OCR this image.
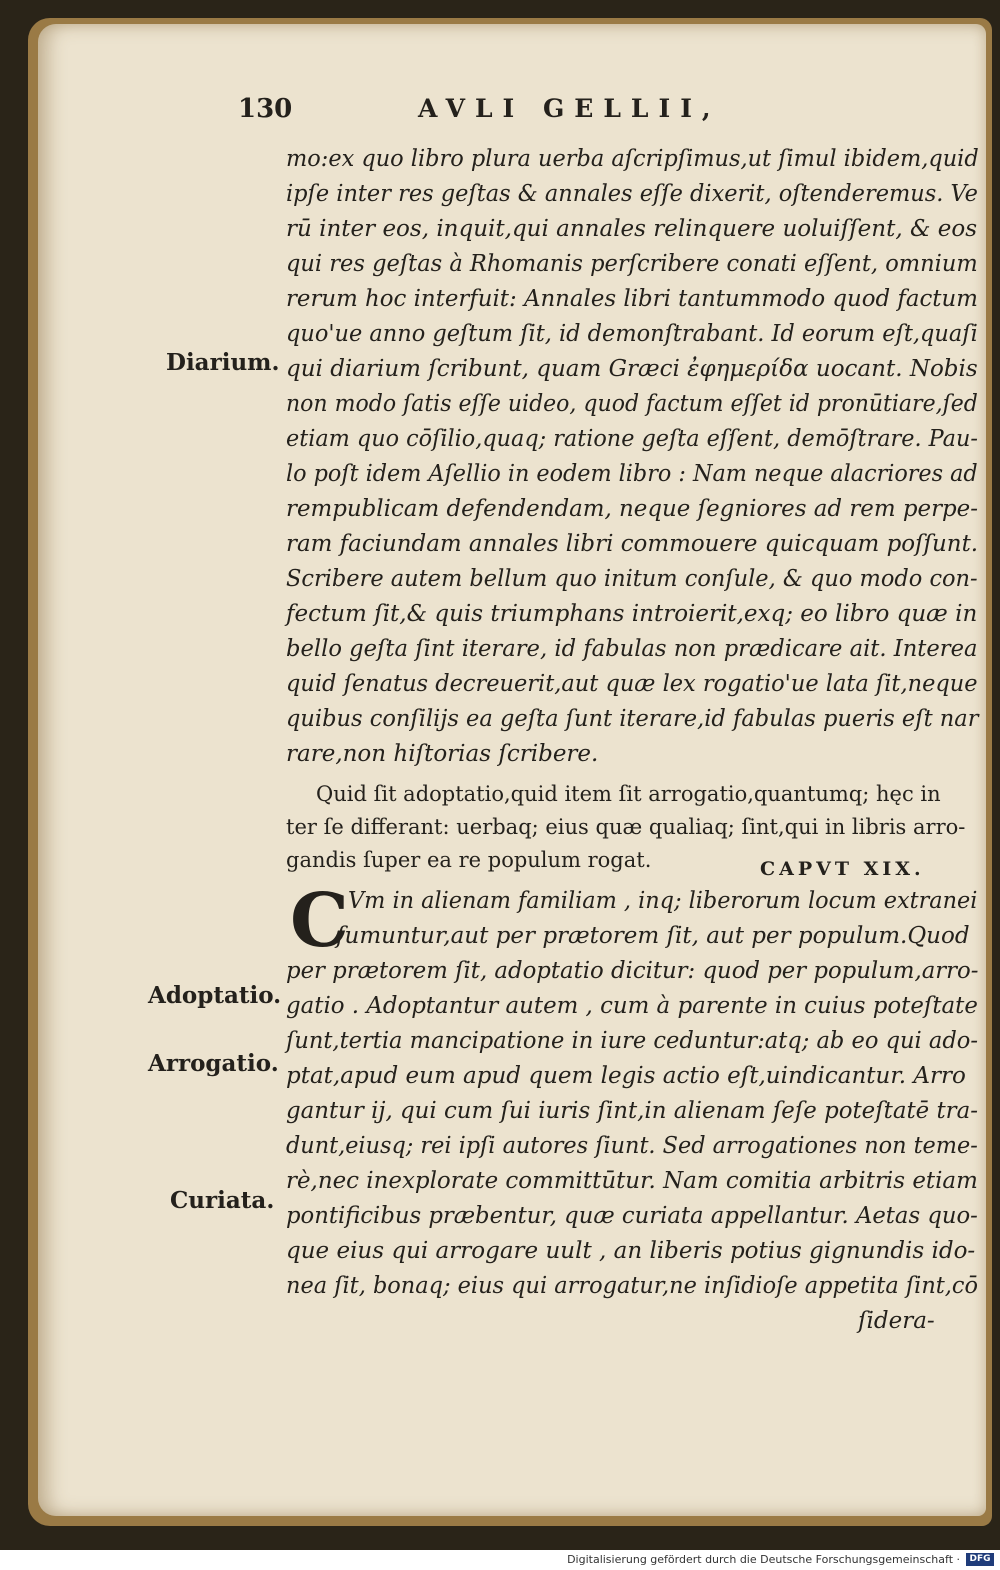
130	AVLI GELLII,
Diarium.
Adoptatio.
Arrogatio.
Curiata.
mo:ex quo libro plura uerba aſcripſimus,ut ſimul ibidem,quid
ipſe inter res geſtas & annales eſſe dixerit, oſtenderemus. Ve
rū inter eos, inquit,qui annales relinquere uoluiſſent, & eos
qui res geſtas à Rhomanis perſcribere conati eſſent, omnium
rerum hoc interfuit: Annales libri tantummodo quod factum
quo'ue anno geſtum ſit, id demonſtrabant. Id eorum eſt,quaſi
qui diarium ſcribunt, quam Græci ἐφημερίδα uocant. Nobis
non modo ſatis eſſe uideo, quod factum eſſet id pronūtiare,ſed
etiam quo cōſilio,quaq; ratione geſta eſſent, demōſtrare. Pau-
lo poſt idem Aſellio in eodem libro : Nam neque alacriores ad
rempublicam defendendam, neque ſegniores ad rem perpe-
ram faciundam annales libri commouere quicquam poſſunt.
Scribere autem bellum quo initum conſule, & quo modo con-
fectum ſit,& quis triumphans introierit,exq; eo libro quæ in
bello geſta ſint iterare, id fabulas non prædicare ait. Interea
quid ſenatus decreuerit,aut quæ lex rogatio'ue lata ſit,neque
quibus conſilijs ea geſta ſunt iterare,id fabulas pueris eſt nar
rare,non hiſtorias ſcribere.
Quid ſit adoptatio,quid item ſit arrogatio,quantumq; hęc in
ter ſe differant: uerbaq; eius quæ qualiaq; ſint,qui in libris arro-
gandis ſuper ea re populum rogat.	CAPVT XIX.
C Vm in alienam familiam , inq; liberorum locum extranei
ſumuntur,aut per prætorem ſit, aut per populum.Quod
per prætorem ſit, adoptatio dicitur: quod per populum,arro-
gatio . Adoptantur autem , cum à parente in cuius poteſtate
ſunt,tertia mancipatione in iure ceduntur:atq; ab eo qui ado-
ptat,apud eum apud quem legis actio eſt,uindicantur. Arro
gantur ij, qui cum ſui iuris ſint,in alienam ſeſe poteſtatē tra-
dunt,eiusq; rei ipſi autores ſiunt. Sed arrogationes non teme-
rè,nec inexplorate committūtur. Nam comitia arbitris etiam
pontificibus præbentur, quæ curiata appellantur. Aetas quo-
que eius qui arrogare uult , an liberis potius gignundis ido-
nea ſit, bonaq; eius qui arrogatur,ne inſidioſe appetita ſint,cō
ſidera-
Digitalisierung gefördert durch die Deutsche Forschungsgemeinschaft ·	DFG
